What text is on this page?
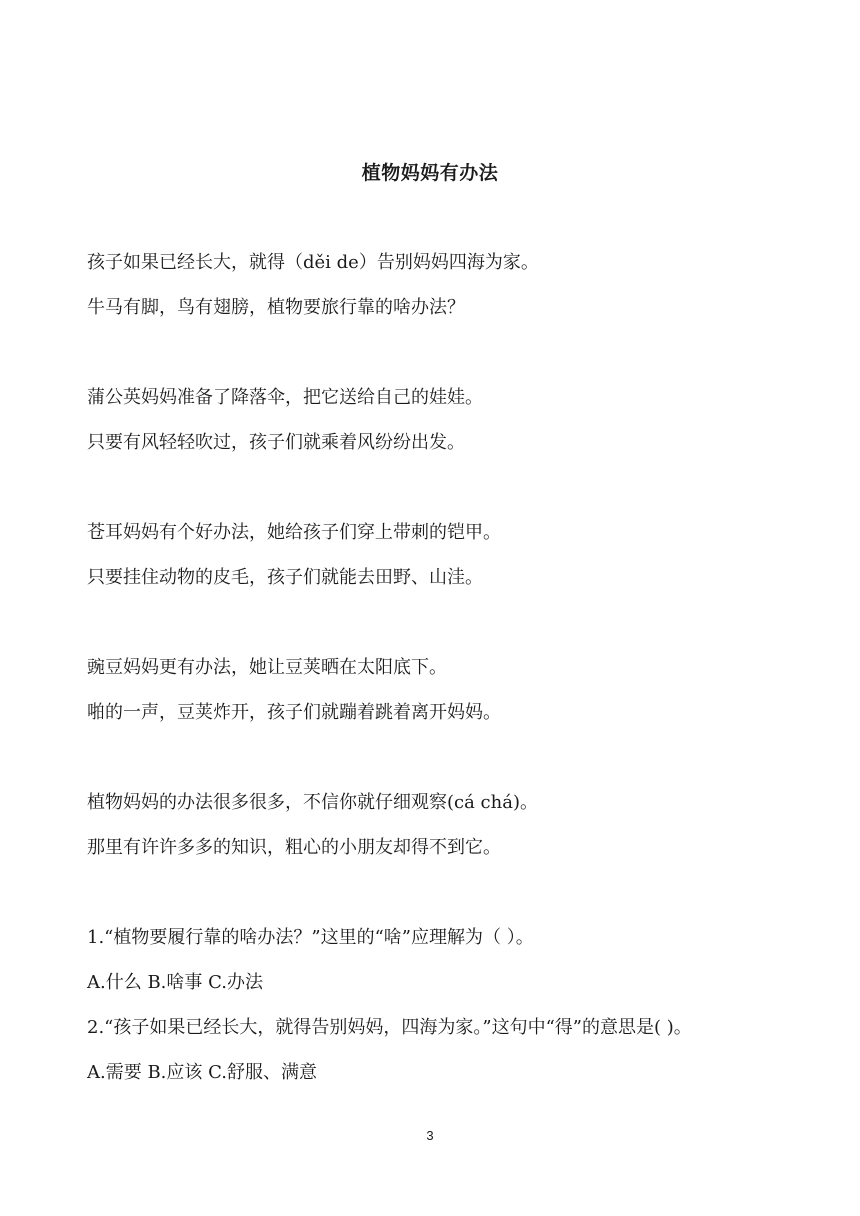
植物妈妈有办法
孩子如果已经长大，就得（děi de）告别妈妈四海为家。
牛马有脚，鸟有翅膀，植物要旅行靠的啥办法？
蒲公英妈妈准备了降落伞，把它送给自己的娃娃。
只要有风轻轻吹过，孩子们就乘着风纷纷出发。
苍耳妈妈有个好办法，她给孩子们穿上带刺的铠甲。
只要挂住动物的皮毛，孩子们就能去田野、山洼。
豌豆妈妈更有办法，她让豆荚晒在太阳底下。
啪的一声，豆荚炸开，孩子们就蹦着跳着离开妈妈。
植物妈妈的办法很多很多，不信你就仔细观察(cá chá)。
那里有许许多多的知识，粗心的小朋友却得不到它。
1.“植物要履行靠的啥办法？”这里的“啥”应理解为（ ）。
A.什么 B.啥事 C.办法
2.“孩子如果已经长大，就得告别妈妈，四海为家。”这句中“得”的意思是( )。
A.需要 B.应该 C.舒服、满意
3
